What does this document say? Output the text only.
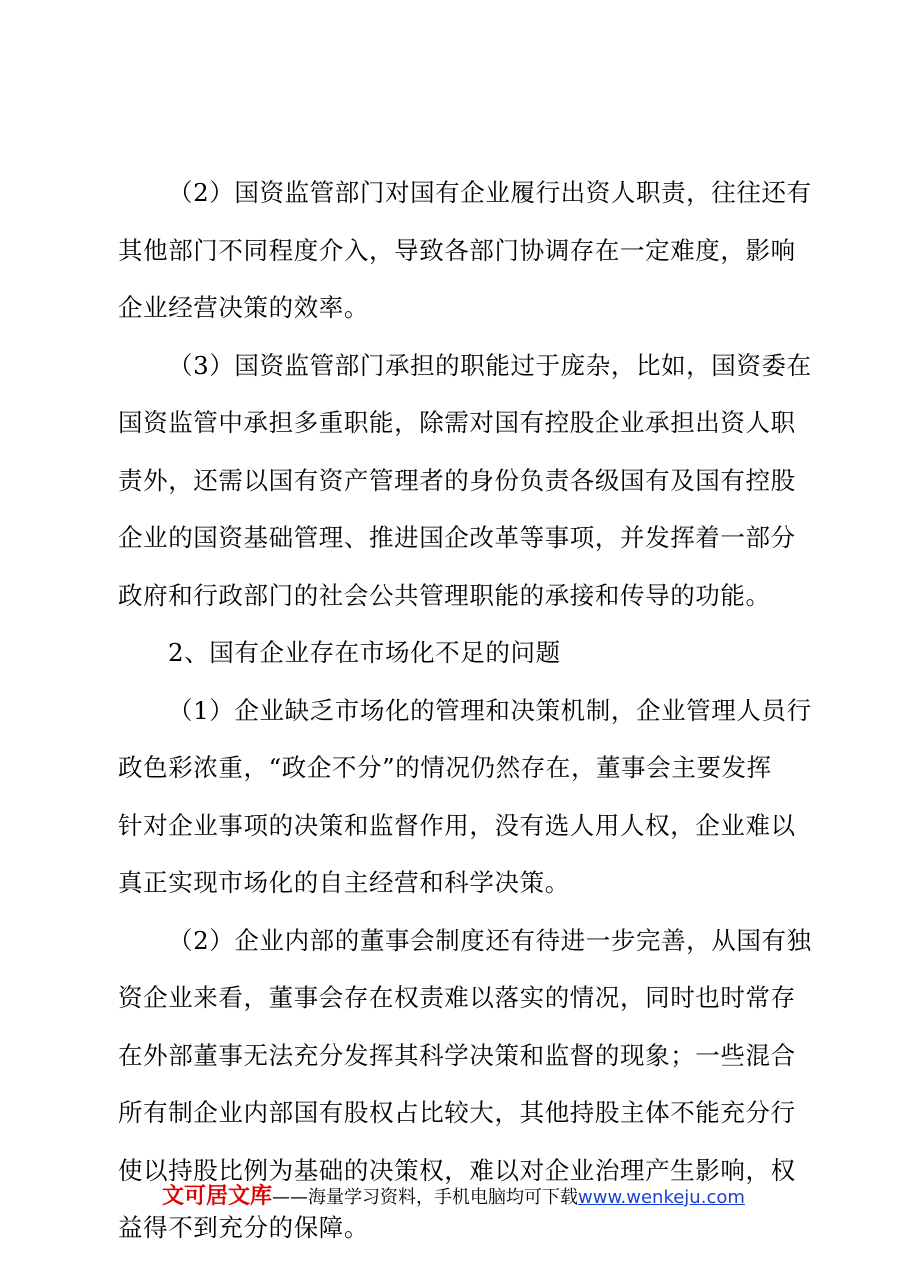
（2）国资监管部门对国有企业履行出资人职责，往往还有
其他部门不同程度介入，导致各部门协调存在一定难度，影响
企业经营决策的效率。
（3）国资监管部门承担的职能过于庞杂，比如，国资委在
国资监管中承担多重职能，除需对国有控股企业承担出资人职
责外，还需以国有资产管理者的身份负责各级国有及国有控股
企业的国资基础管理、推进国企改革等事项，并发挥着一部分
政府和行政部门的社会公共管理职能的承接和传导的功能。
2、国有企业存在市场化不足的问题
（1）企业缺乏市场化的管理和决策机制，企业管理人员行
政色彩浓重，“政企不分”的情况仍然存在，董事会主要发挥
针对企业事项的决策和监督作用，没有选人用人权，企业难以
真正实现市场化的自主经营和科学决策。
（2）企业内部的董事会制度还有待进一步完善，从国有独
资企业来看，董事会存在权责难以落实的情况，同时也时常存
在外部董事无法充分发挥其科学决策和监督的现象；一些混合
所有制企业内部国有股权占比较大，其他持股主体不能充分行
使以持股比例为基础的决策权，难以对企业治理产生影响，权
益得不到充分的保障。
文可居文库——海量学习资料，手机电脑均可下载www.wenkeju.com
